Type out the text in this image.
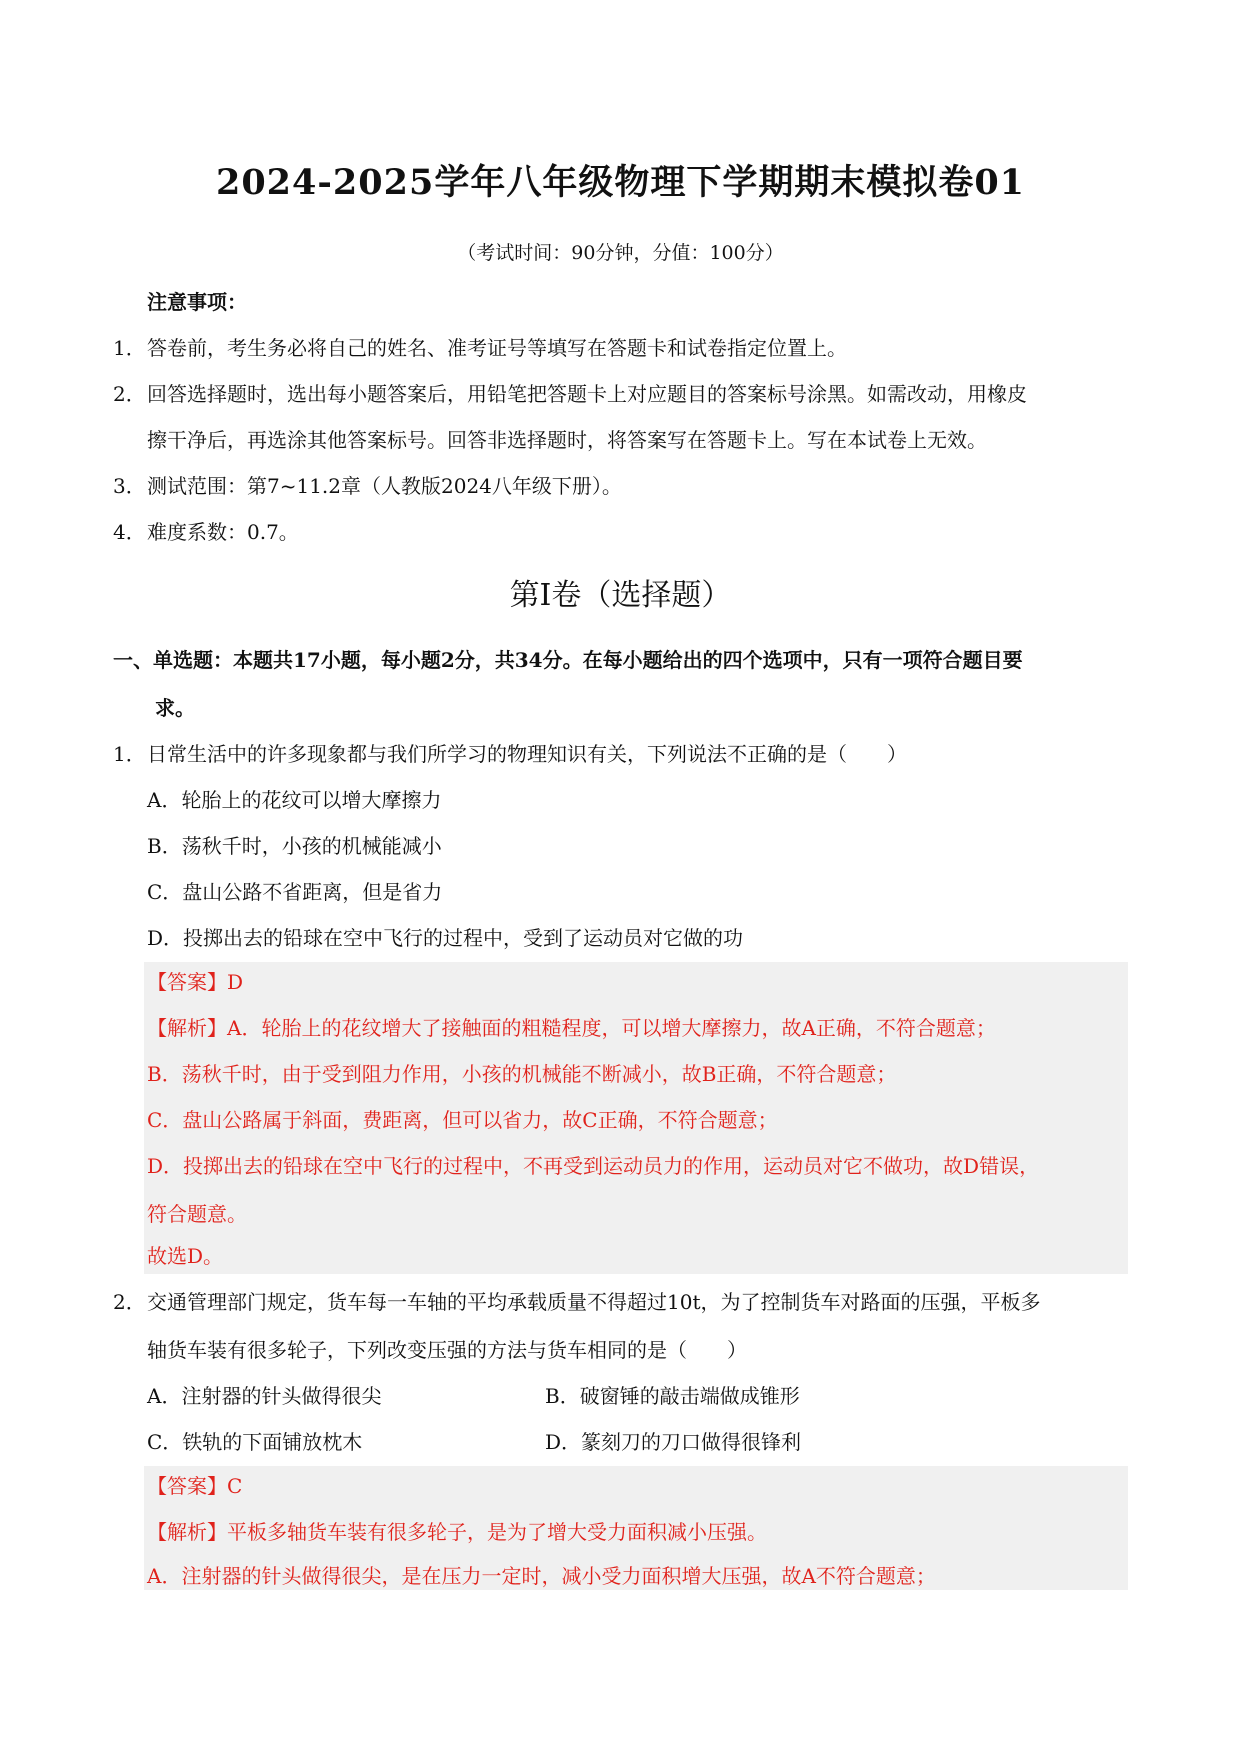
2024-2025学年八年级物理下学期期末模拟卷01
（考试时间：90分钟，分值：100分）
注意事项：
1． 答卷前，考生务必将自己的姓名、准考证号等填写在答题卡和试卷指定位置上。
2． 回答选择题时，选出每小题答案后，用铅笔把答题卡上对应题目的答案标号涂黑。如需改动，用橡皮
擦干净后，再选涂其他答案标号。回答非选择题时，将答案写在答题卡上。写在本试卷上无效。
3． 测试范围：第7~11.2章（人教版2024八年级下册）。
4． 难度系数：0.7。
第Ⅰ卷（选择题）
一、单选题：本题共17小题，每小题2分，共34分。在每小题给出的四个选项中，只有一项符合题目要
求。
1． 日常生活中的许多现象都与我们所学习的物理知识有关，下列说法不正确的是（　　）
A．轮胎上的花纹可以增大摩擦力
B．荡秋千时，小孩的机械能减小
C．盘山公路不省距离，但是省力
D．投掷出去的铅球在空中飞行的过程中，受到了运动员对它做的功
【答案】D
【解析】A．轮胎上的花纹增大了接触面的粗糙程度，可以增大摩擦力，故A正确，不符合题意；
B．荡秋千时，由于受到阻力作用，小孩的机械能不断减小，故B正确，不符合题意；
C．盘山公路属于斜面，费距离，但可以省力，故C正确，不符合题意；
D．投掷出去的铅球在空中飞行的过程中，不再受到运动员力的作用，运动员对它不做功，故D错误，
符合题意。
故选D。
2． 交通管理部门规定，货车每一车轴的平均承载质量不得超过10t，为了控制货车对路面的压强，平板多
轴货车装有很多轮子，下列改变压强的方法与货车相同的是（　　）
A．注射器的针头做得很尖	B．破窗锤的敲击端做成锥形
C．铁轨的下面铺放枕木	D．篆刻刀的刀口做得很锋利
【答案】C
【解析】平板多轴货车装有很多轮子，是为了增大受力面积减小压强。
A．注射器的针头做得很尖，是在压力一定时，减小受力面积增大压强，故A不符合题意；
